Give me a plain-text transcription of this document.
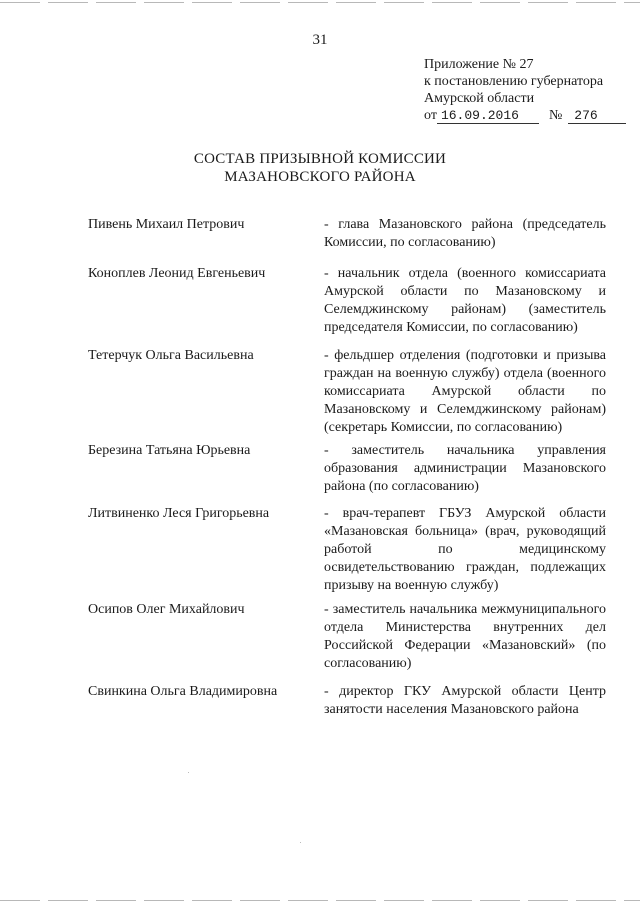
31
Приложение № 27
к постановлению губернатора
Амурской области
от 16.09.2016 № 276
СОСТАВ ПРИЗЫВНОЙ КОМИССИИ
МАЗАНОВСКОГО РАЙОНА
Пивень Михаил Петрович	- глава Мазановского района (председатель Комиссии, по согласованию)
Коноплев Леонид Евгеньевич	- начальник отдела (военного комиссариата Амурской области по Мазановскому и Селемджинскому районам) (заместитель председателя Комиссии, по согласованию)
Тетерчук Ольга Васильевна	- фельдшер отделения (подготовки и призыва граждан на военную службу) отдела (военного комиссариата Амурской области по Мазановскому и Селемджинскому районам) (секретарь Комиссии, по согласованию)
Березина Татьяна Юрьевна	- заместитель начальника управления образования администрации Мазановского района (по согласованию)
Литвиненко Леся Григорьевна	- врач-терапевт ГБУЗ Амурской области «Мазановская больница» (врач, руководящий работой по медицинскому освидетельствованию граждан, подлежащих призыву на военную службу)
Осипов Олег Михайлович	- заместитель начальника межмуниципального отдела Министерства внутренних дел Российской Федерации «Мазановский» (по согласованию)
Свинкина Ольга Владимировна	- директор ГКУ Амурской области Центр занятости населения Мазановского района
